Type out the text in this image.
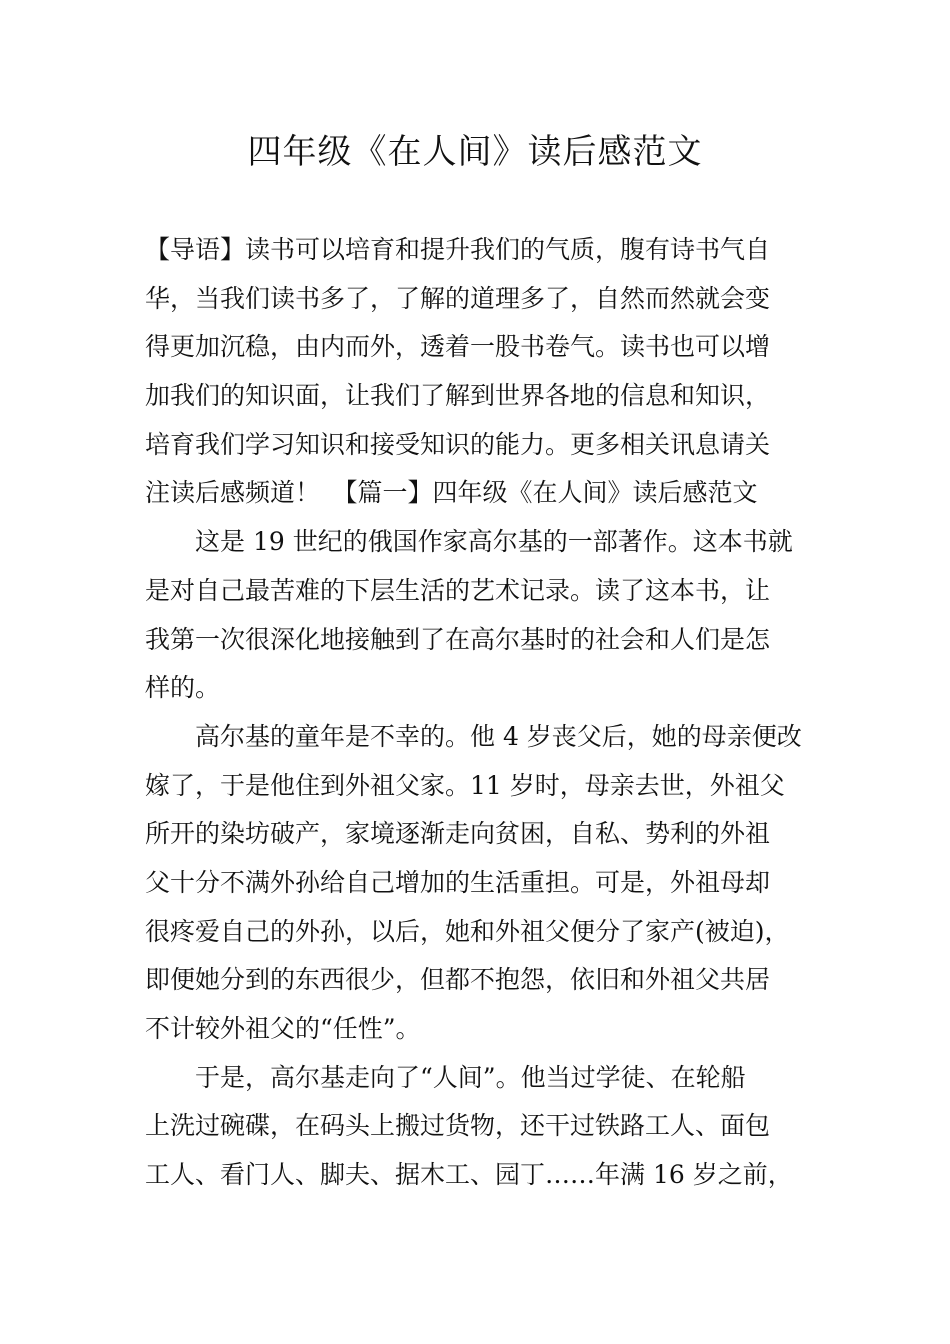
四年级《在人间》读后感范文
【导语】读书可以培育和提升我们的气质，腹有诗书气自
华，当我们读书多了，了解的道理多了，自然而然就会变
得更加沉稳，由内而外，透着一股书卷气。读书也可以增
加我们的知识面，让我们了解到世界各地的信息和知识，
培育我们学习知识和接受知识的能力。更多相关讯息请关
注读后感频道！　【篇一】四年级《在人间》读后感范文
这是 19 世纪的俄国作家高尔基的一部著作。这本书就
是对自己最苦难的下层生活的艺术记录。读了这本书，让
我第一次很深化地接触到了在高尔基时的社会和人们是怎
样的。
高尔基的童年是不幸的。他 4 岁丧父后，她的母亲便改
嫁了，于是他住到外祖父家。11 岁时，母亲去世，外祖父
所开的染坊破产，家境逐渐走向贫困，自私、势利的外祖
父十分不满外孙给自己增加的生活重担。可是，外祖母却
很疼爱自己的外孙，以后，她和外祖父便分了家产(被迫)，
即便她分到的东西很少，但都不抱怨，依旧和外祖父共居
不计较外祖父的“任性”。
于是，高尔基走向了“人间”。他当过学徒、在轮船
上洗过碗碟，在码头上搬过货物，还干过铁路工人、面包
工人、看门人、脚夫、据木工、园丁……年满 16 岁之前，
